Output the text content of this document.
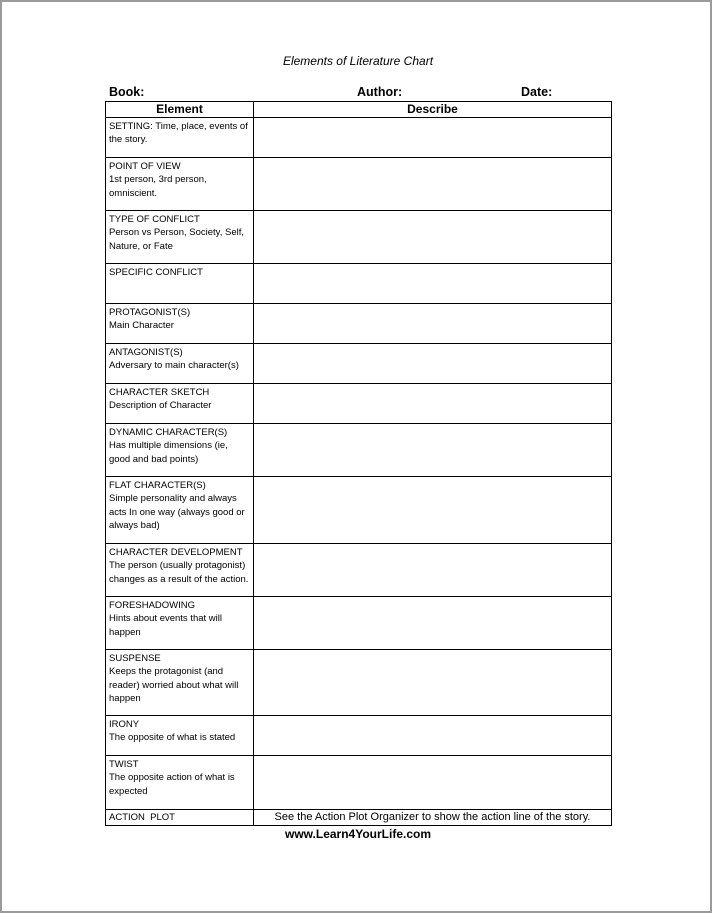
Elements of Literature Chart
Book:	Author:	Date:
Element	Describe

SETTING: Time, place, events of the story.	

POINT OF VIEW
1st person, 3rd person, omniscient.	

TYPE OF CONFLICT
Person vs Person, Society, Self, Nature, or Fate	

SPECIFIC CONFLICT	

PROTAGONIST(S)
Main Character	

ANTAGONIST(S)
Adversary to main character(s)	

CHARACTER SKETCH
Description of Character	

DYNAMIC CHARACTER(S)
Has multiple dimensions (ie, good and bad points)	

FLAT CHARACTER(S)
Simple personality and always acts In one way (always good or always bad)	

CHARACTER DEVELOPMENT
The person (usually protagonist) changes as a result of the action.	

FORESHADOWING
Hints about events that will happen	

SUSPENSE
Keeps the protagonist (and reader) worried about what will happen	

IRONY
The opposite of what is stated	

TWIST
The opposite action of what is expected	

ACTION  PLOT	See the Action Plot Organizer to show the action line of the story.
www.Learn4YourLife.com
